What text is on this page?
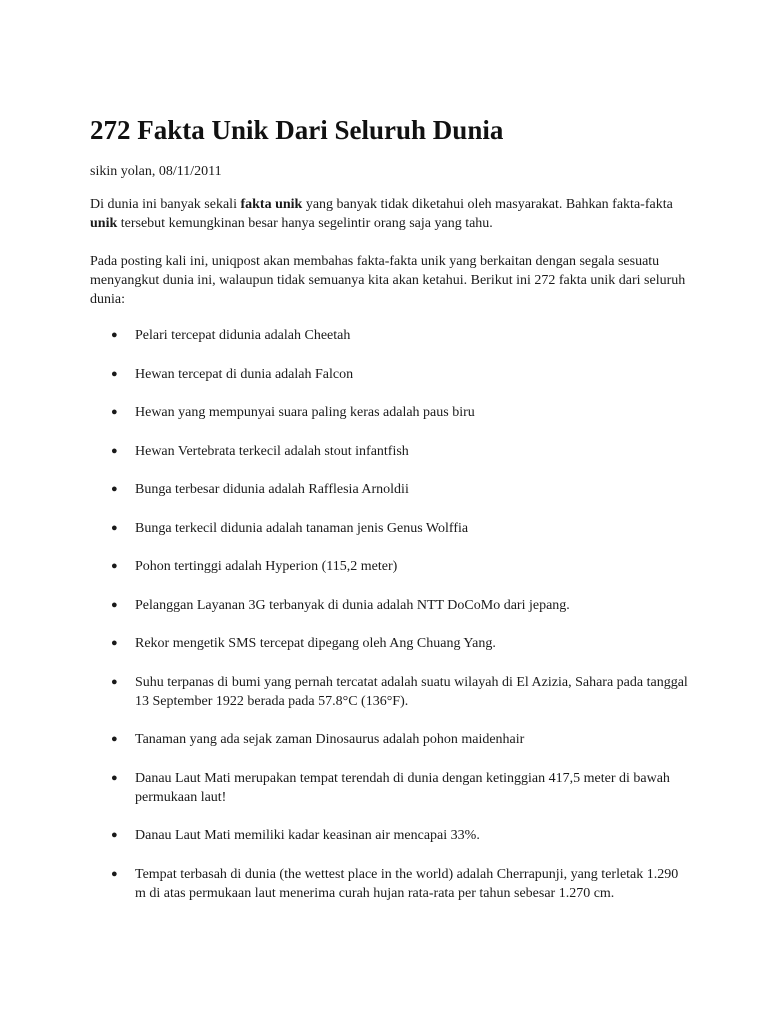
272 Fakta Unik Dari Seluruh Dunia
sikin yolan, 08/11/2011

Di dunia ini banyak sekali fakta unik yang banyak tidak diketahui oleh masyarakat. Bahkan fakta-fakta unik tersebut kemungkinan besar hanya segelintir orang saja yang tahu.

Pada posting kali ini, uniqpost akan membahas fakta-fakta unik yang berkaitan dengan segala sesuatu menyangkut dunia ini, walaupun tidak semuanya kita akan ketahui. Berikut ini 272 fakta unik dari seluruh dunia:

● Pelari tercepat didunia adalah Cheetah
● Hewan tercepat di dunia adalah Falcon
● Hewan yang mempunyai suara paling keras adalah paus biru
● Hewan Vertebrata terkecil adalah stout infantfish
● Bunga terbesar didunia adalah Rafflesia Arnoldii
● Bunga terkecil didunia adalah tanaman jenis Genus Wolffia
● Pohon tertinggi adalah Hyperion (115,2 meter)
● Pelanggan Layanan 3G terbanyak di dunia adalah NTT DoCoMo dari jepang.
● Rekor mengetik SMS tercepat dipegang oleh Ang Chuang Yang.
● Suhu terpanas di bumi yang pernah tercatat adalah suatu wilayah di El Azizia, Sahara pada tanggal 13 September 1922 berada pada 57.8°C (136°F).
● Tanaman yang ada sejak zaman Dinosaurus adalah pohon maidenhair
● Danau Laut Mati merupakan tempat terendah di dunia dengan ketinggian 417,5 meter di bawah permukaan laut!
● Danau Laut Mati memiliki kadar keasinan air mencapai 33%.
● Tempat terbasah di dunia (the wettest place in the world) adalah Cherrapunji, yang terletak 1.290 m di atas permukaan laut menerima curah hujan rata-rata per tahun sebesar 1.270 cm.
